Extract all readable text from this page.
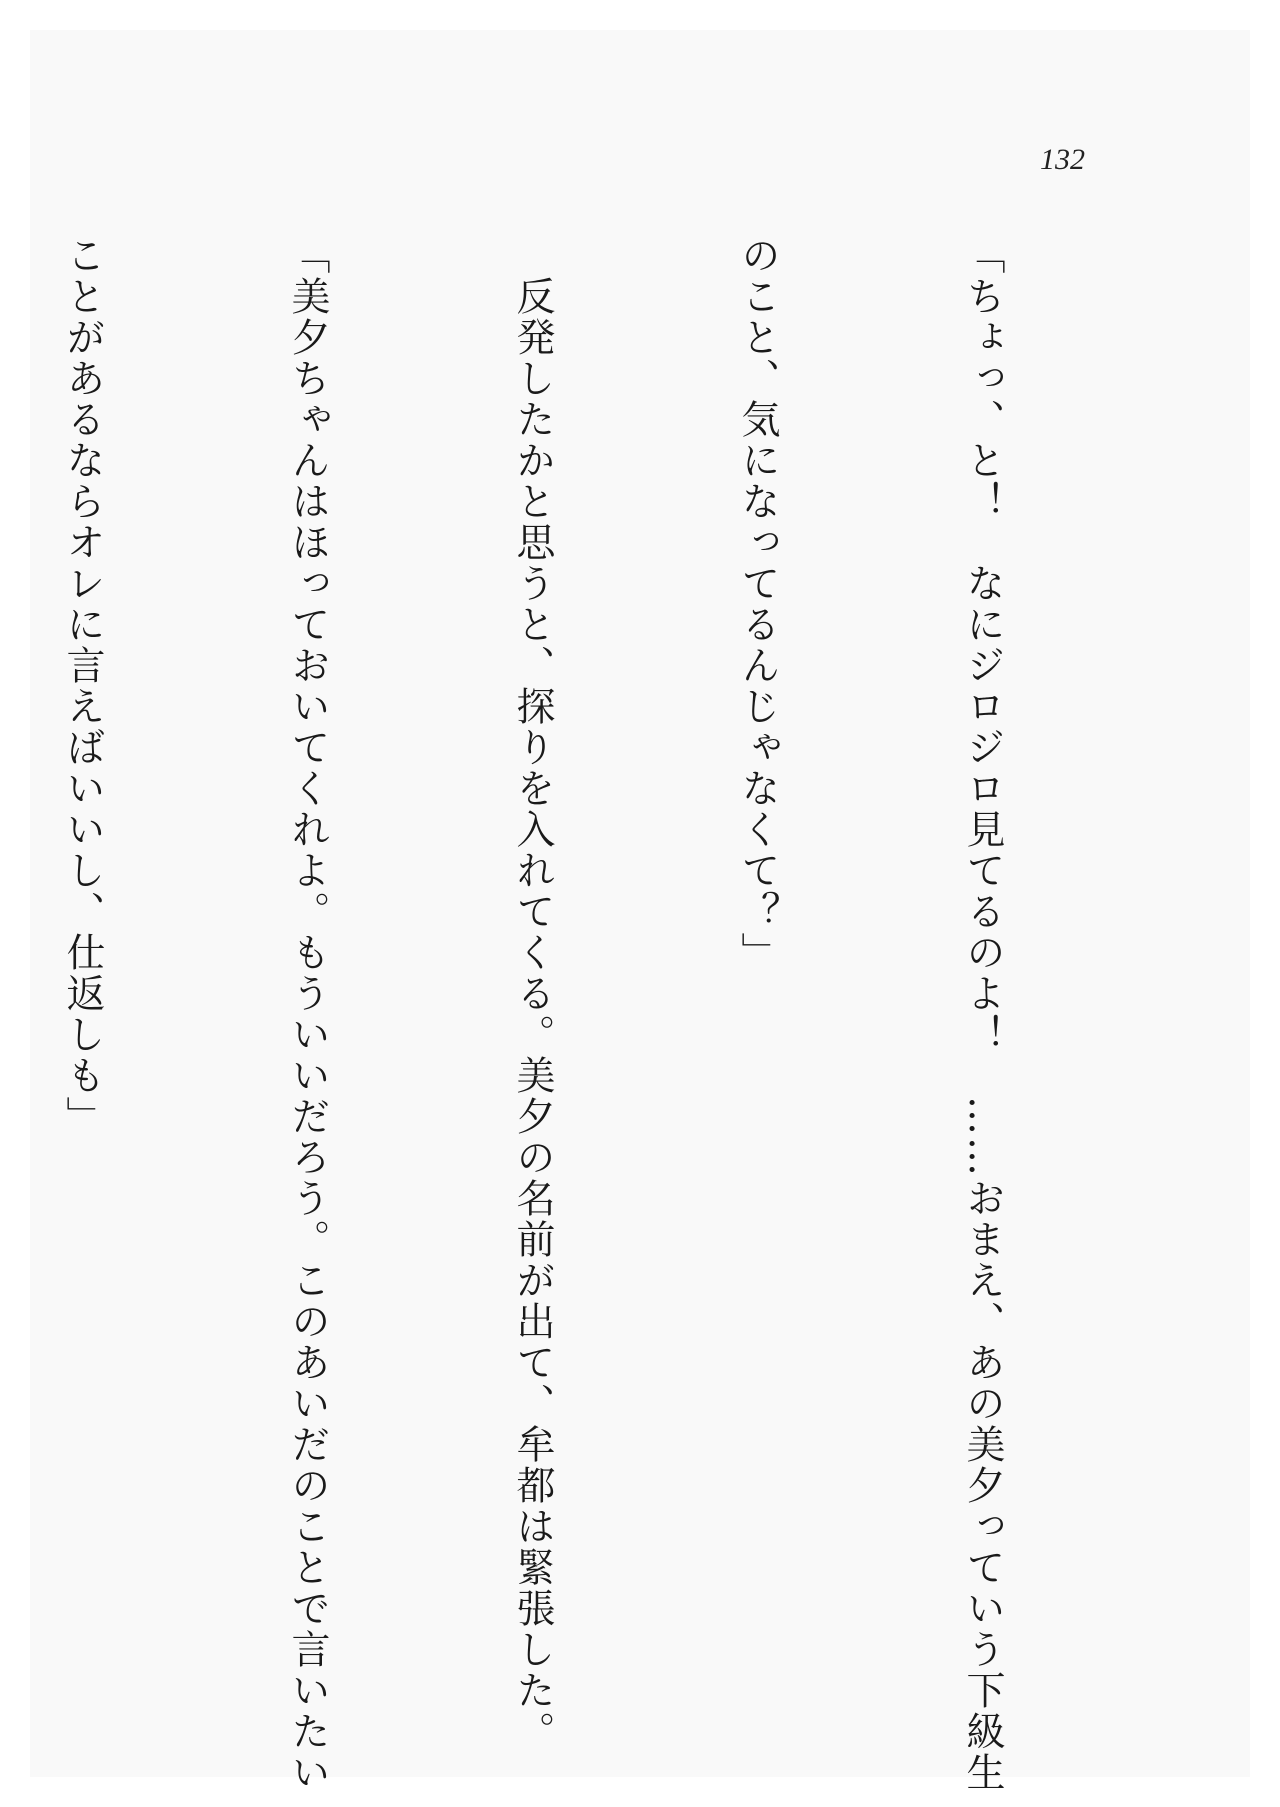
132

「ちょっ、と！　なにジロジロ見てるのよ！　……おまえ、あの美夕っていう下級生

のこと、気になってるんじゃなくて？」

　反発したかと思うと、探りを入れてくる。美夕の名前が出て、牟都は緊張した。

「美夕ちゃんはほっておいてくれよ。もういいだろう。このあいだのことで言いたい

ことがあるならオレに言えばいいし、仕返しも」
